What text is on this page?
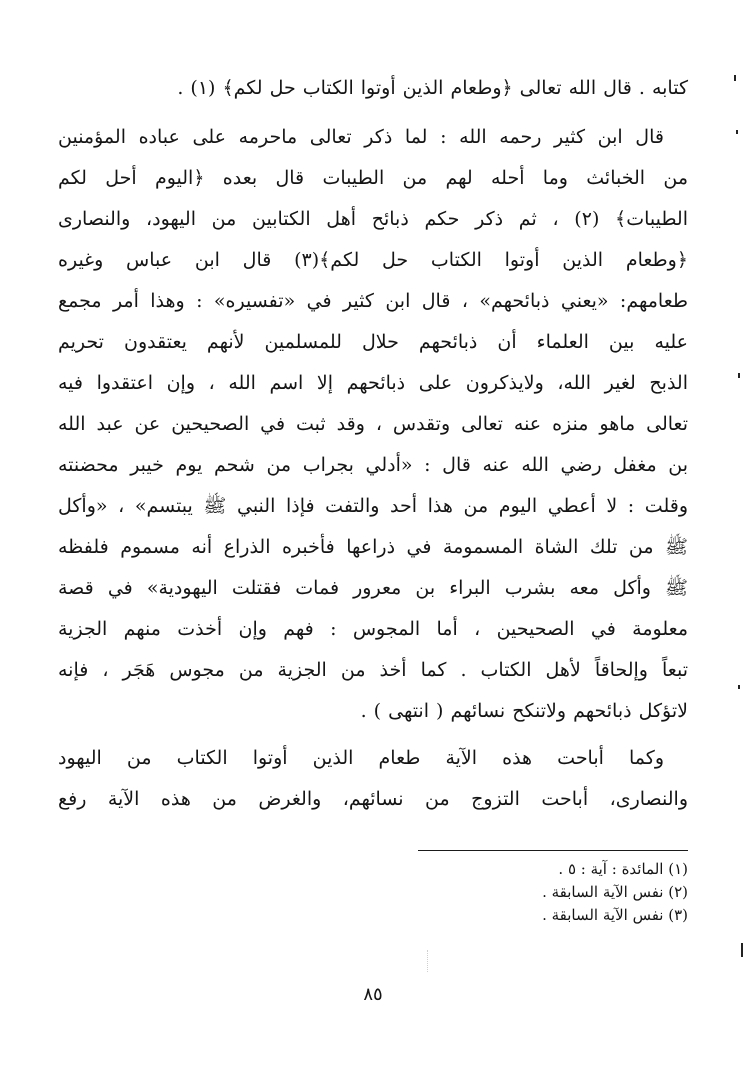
كتابه . قال الله تعالى ﴿وطعام الذين أوتوا الكتاب حل لكم﴾ (١) .
قال ابن كثير رحمه الله : لما ذكر تعالى ماحرمه على عباده المؤمنين
من الخبائث وما أحله لهم من الطيبات قال بعده ﴿اليوم أحل لكم
الطيبات﴾ (٢) ، ثم ذكر حكم ذبائح أهل الكتابين من اليهود، والنصارى
﴿وطعام الذين أوتوا الكتاب حل لكم﴾(٣) قال ابن عباس وغيره
طعامهم: «يعني ذبائحهم» ، قال ابن كثير في «تفسيره» : وهذا أمر مجمع
عليه بين العلماء أن ذبائحهم حلال للمسلمين لأنهم يعتقدون تحريم
الذبح لغير الله، ولايذكرون على ذبائحهم إلا اسم الله ، وإن اعتقدوا فيه
تعالى ماهو منزه عنه تعالى وتقدس ، وقد ثبت في الصحيحين عن عبد الله
بن مغفل رضي الله عنه قال : «أدلي بجراب من شحم يوم خيبر محضنته
وقلت : لا أعطي اليوم من هذا أحد والتفت فإذا النبي ﷺ يبتسم» ، «وأكل
ﷺ من تلك الشاة المسمومة في ذراعها فأخبره الذراع أنه مسموم فلفظه
ﷺ وأكل معه بشرب البراء بن معرور فمات فقتلت اليهودية» في قصة
معلومة في الصحيحين ، أما المجوس : فهم وإن أخذت منهم الجزية
تبعاً وإلحاقاً لأهل الكتاب . كما أخذ من الجزية من مجوس هَجَر ، فإنه
لاتؤكل ذبائحهم ولاتنكح نسائهم ( انتهى ) .
وكما أباحت هذه الآية طعام الذين أوتوا الكتاب من اليهود
والنصارى، أباحت التزوج من نسائهم، والغرض من هذه الآية رفع
(١) المائدة : آية : ٥ .
(٢) نفس الآية السابقة .
(٣) نفس الآية السابقة .
٨٥
